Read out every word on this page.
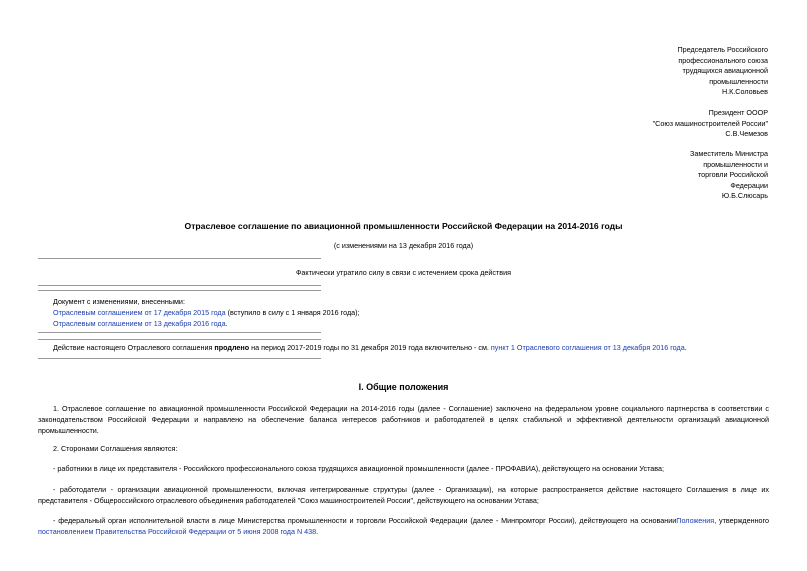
Председатель Российского
профессионального союза
трудящихся авиационной
промышленности
Н.К.Соловьев
Президент ООOР
"Союз машиностроителей России"
С.В.Чемезов
Заместитель Министра
промышленности и
торговли Российской
Федерации
Ю.Б.Слюсарь
Отраслевое соглашение по авиационной промышленности Российской Федерации на 2014-2016 годы
(с изменениями на 13 декабря 2016 года)
Фактически утратило силу в связи с истечением срока действия
Документ с изменениями, внесенными:
Отраслевым соглашением от 17 декабря 2015 года (вступило в силу с 1 января 2016 года);
Отраслевым соглашением от 13 декабря 2016 года.
Действие настоящего Отраслевого соглашения продлено на период 2017-2019 годы по 31 декабря 2019 года включительно - см. пункт 1 Отраслевого соглашения от 13 декабря 2016 года.
I. Общие положения
1. Отраслевое соглашение по авиационной промышленности Российской Федерации на 2014-2016 годы (далее - Соглашение) заключено на федеральном уровне социального партнерства в соответствии с законодательством Российской Федерации и направлено на обеспечение баланса интересов работников и работодателей в целях стабильной и эффективной деятельности организаций авиационной промышленности.
2. Сторонами Соглашения являются:
- работники в лице их представителя - Российского профессионального союза трудящихся авиационной промышленности (далее - ПРОФАВИА), действующего на основании Устава;
- работодатели - организации авиационной промышленности, включая интегрированные структуры (далее - Организации), на которые распространяется действие настоящего Соглашения в лице их представителя - Общероссийского отраслевого объединения работодателей "Союз машиностроителей России", действующего на основании Устава;
- федеральный орган исполнительной власти в лице Министерства промышленности и торговли Российской Федерации (далее - Минпромторг России), действующего на основанииПоложения, утвержденного постановлением Правительства Российской Федерации от 5 июня 2008 года N 438.
